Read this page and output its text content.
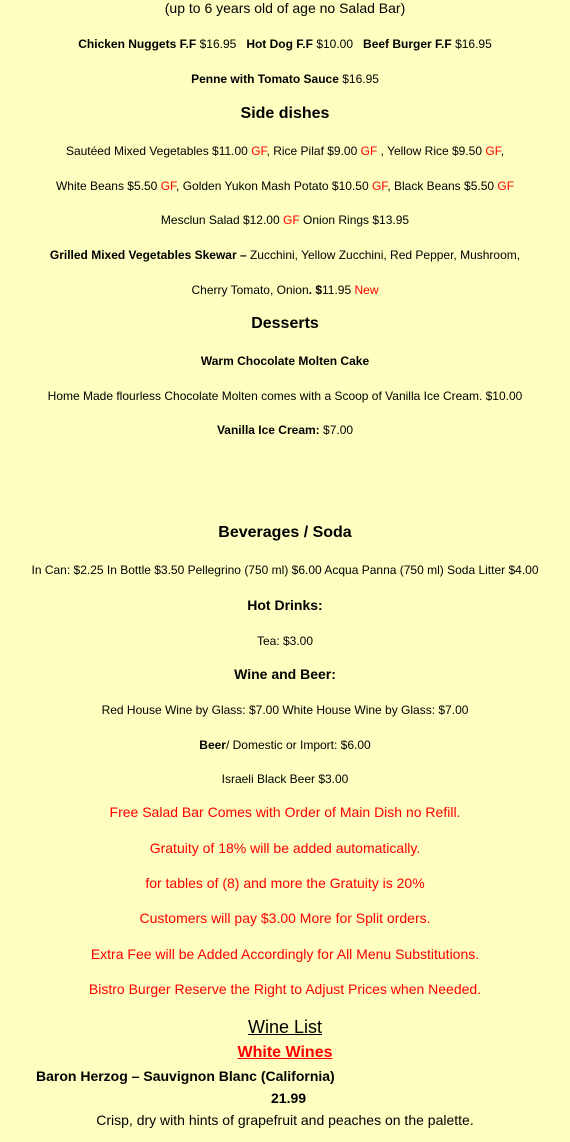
(up to 6 years old of age no Salad Bar)
Chicken Nuggets F.F $16.95 Hot Dog F.F $10.00 Beef Burger F.F $16.95
Penne with Tomato Sauce $16.95
Side dishes
Sautéed Mixed Vegetables $11.00 GF, Rice Pilaf $9.00 GF , Yellow Rice $9.50 GF,
White Beans $5.50 GF, Golden Yukon Mash Potato $10.50 GF, Black Beans $5.50 GF
Mesclun Salad $12.00 GF Onion Rings $13.95
Grilled Mixed Vegetables Skewar – Zucchini, Yellow Zucchini, Red Pepper, Mushroom,
Cherry Tomato, Onion. $11.95 New
Desserts
Warm Chocolate Molten Cake
Home Made flourless Chocolate Molten comes with a Scoop of Vanilla Ice Cream. $10.00
Vanilla Ice Cream: $7.00
Beverages / Soda
In Can: $2.25 In Bottle $3.50 Pellegrino (750 ml) $6.00 Acqua Panna (750 ml) Soda Litter $4.00
Hot Drinks:
Tea: $3.00
Wine and Beer:
Red House Wine by Glass: $7.00 White House Wine by Glass: $7.00
Beer/ Domestic or Import: $6.00
Israeli Black Beer $3.00
Free Salad Bar Comes with Order of Main Dish no Refill.
Gratuity of 18% will be added automatically.
for tables of (8) and more the Gratuity is 20%
Customers will pay $3.00 More for Split orders.
Extra Fee will be Added Accordingly for All Menu Substitutions.
Bistro Burger Reserve the Right to Adjust Prices when Needed.
Wine List
White Wines
Baron Herzog – Sauvignon Blanc (California)
21.99
Crisp, dry with hints of grapefruit and peaches on the palette.
